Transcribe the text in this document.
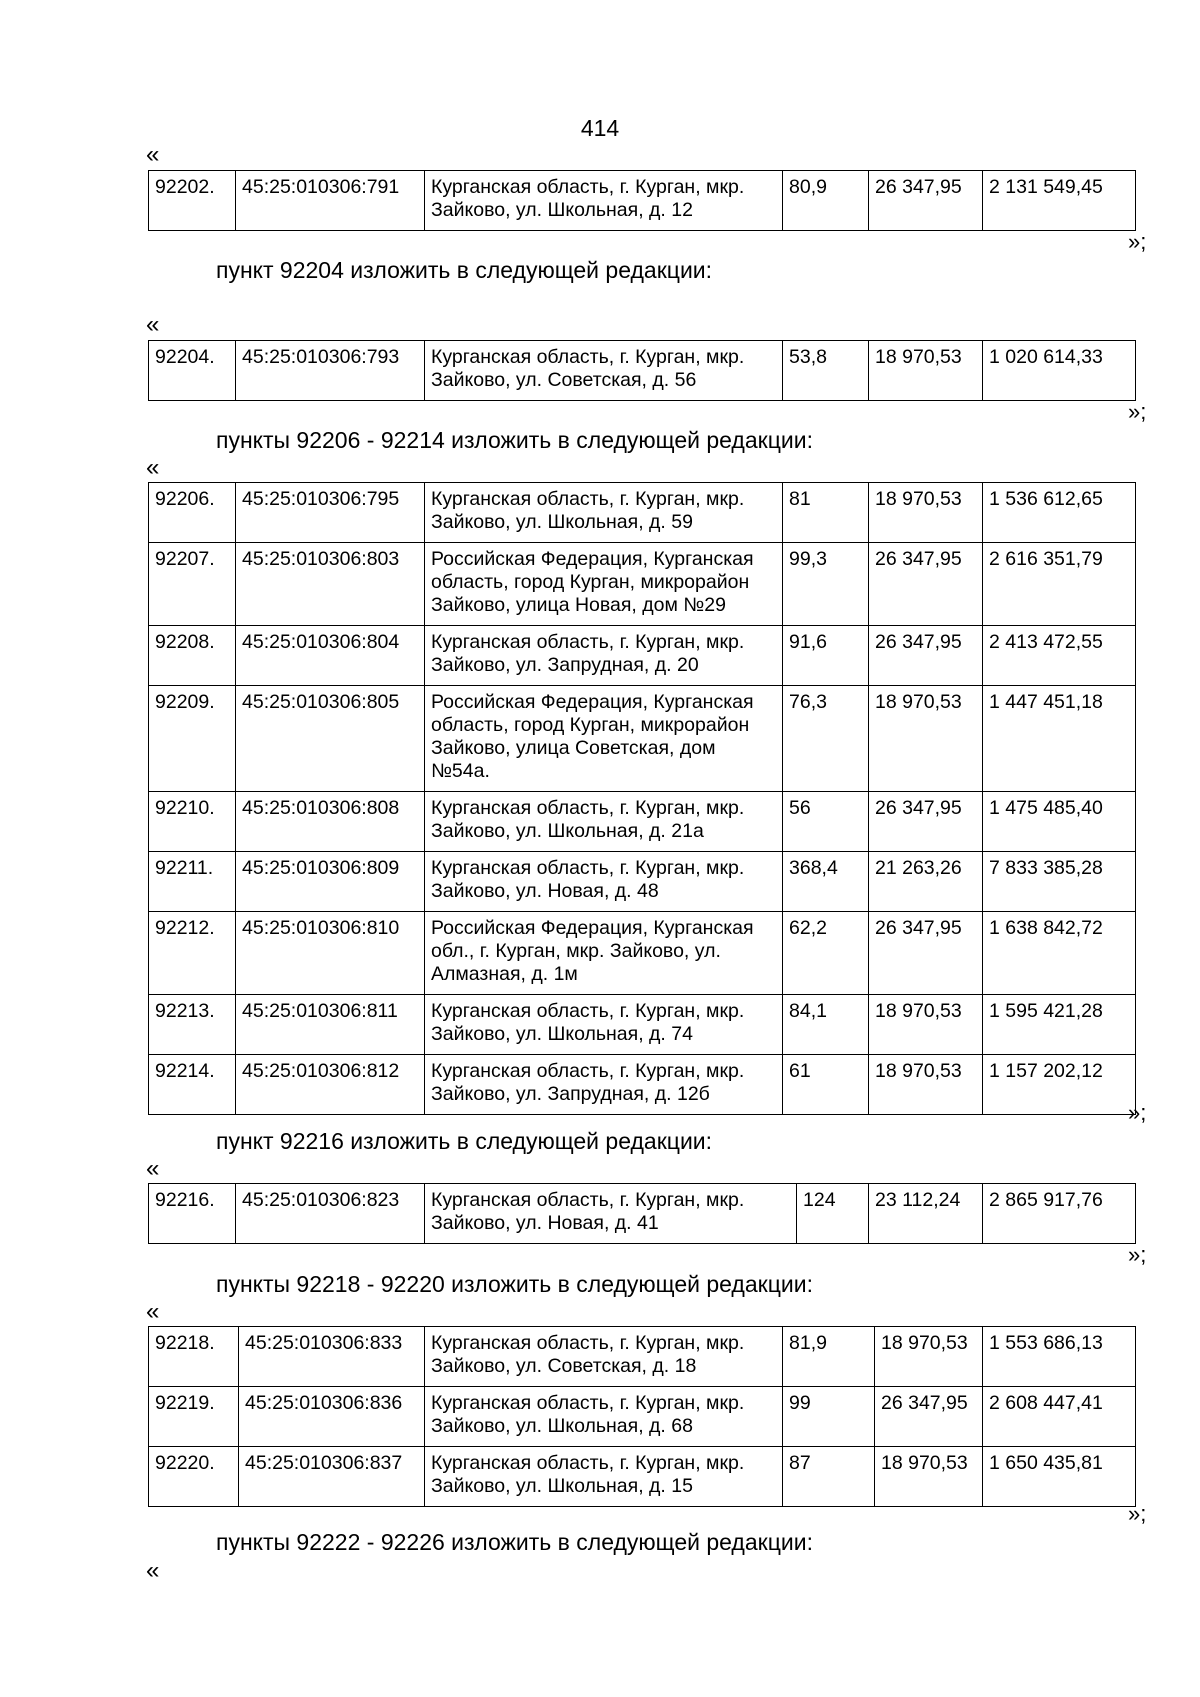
414
«
92202.	45:25:010306:791	Курганская область, г. Курган, мкр. Зайково, ул. Школьная, д. 12	80,9	26 347,95	2 131 549,45
»;
пункт 92204 изложить в следующей редакции:
«
92204.	45:25:010306:793	Курганская область, г. Курган, мкр. Зайково, ул. Советская, д. 56	53,8	18 970,53	1 020 614,33
»;
пункты 92206 - 92214 изложить в следующей редакции:
«
92206.	45:25:010306:795	Курганская область, г. Курган, мкр. Зайково, ул. Школьная, д. 59	81	18 970,53	1 536 612,65
92207.	45:25:010306:803	Российская Федерация, Курганская область, город Курган, микрорайон Зайково, улица Новая, дом №29	99,3	26 347,95	2 616 351,79
92208.	45:25:010306:804	Курганская область, г. Курган, мкр. Зайково, ул. Запрудная, д. 20	91,6	26 347,95	2 413 472,55
92209.	45:25:010306:805	Российская Федерация, Курганская область, город Курган, микрорайон Зайково, улица Советская, дом №54а.	76,3	18 970,53	1 447 451,18
92210.	45:25:010306:808	Курганская область, г. Курган, мкр. Зайково, ул. Школьная, д. 21а	56	26 347,95	1 475 485,40
92211.	45:25:010306:809	Курганская область, г. Курган, мкр. Зайково, ул. Новая, д. 48	368,4	21 263,26	7 833 385,28
92212.	45:25:010306:810	Российская Федерация, Курганская обл., г. Курган, мкр. Зайково, ул. Алмазная, д. 1м	62,2	26 347,95	1 638 842,72
92213.	45:25:010306:811	Курганская область, г. Курган, мкр. Зайково, ул. Школьная, д. 74	84,1	18 970,53	1 595 421,28
92214.	45:25:010306:812	Курганская область, г. Курган, мкр. Зайково, ул. Запрудная, д. 12б	61	18 970,53	1 157 202,12
»;
пункт 92216 изложить в следующей редакции:
«
92216.	45:25:010306:823	Курганская область, г. Курган, мкр. Зайково, ул. Новая, д. 41	124	23 112,24	2 865 917,76
»;
пункты 92218 - 92220 изложить в следующей редакции:
«
92218.	45:25:010306:833	Курганская область, г. Курган, мкр. Зайково, ул. Советская, д. 18	81,9	18 970,53	1 553 686,13
92219.	45:25:010306:836	Курганская область, г. Курган, мкр. Зайково, ул. Школьная, д. 68	99	26 347,95	2 608 447,41
92220.	45:25:010306:837	Курганская область, г. Курган, мкр. Зайково, ул. Школьная, д. 15	87	18 970,53	1 650 435,81
»;
пункты 92222 - 92226 изложить в следующей редакции:
«
